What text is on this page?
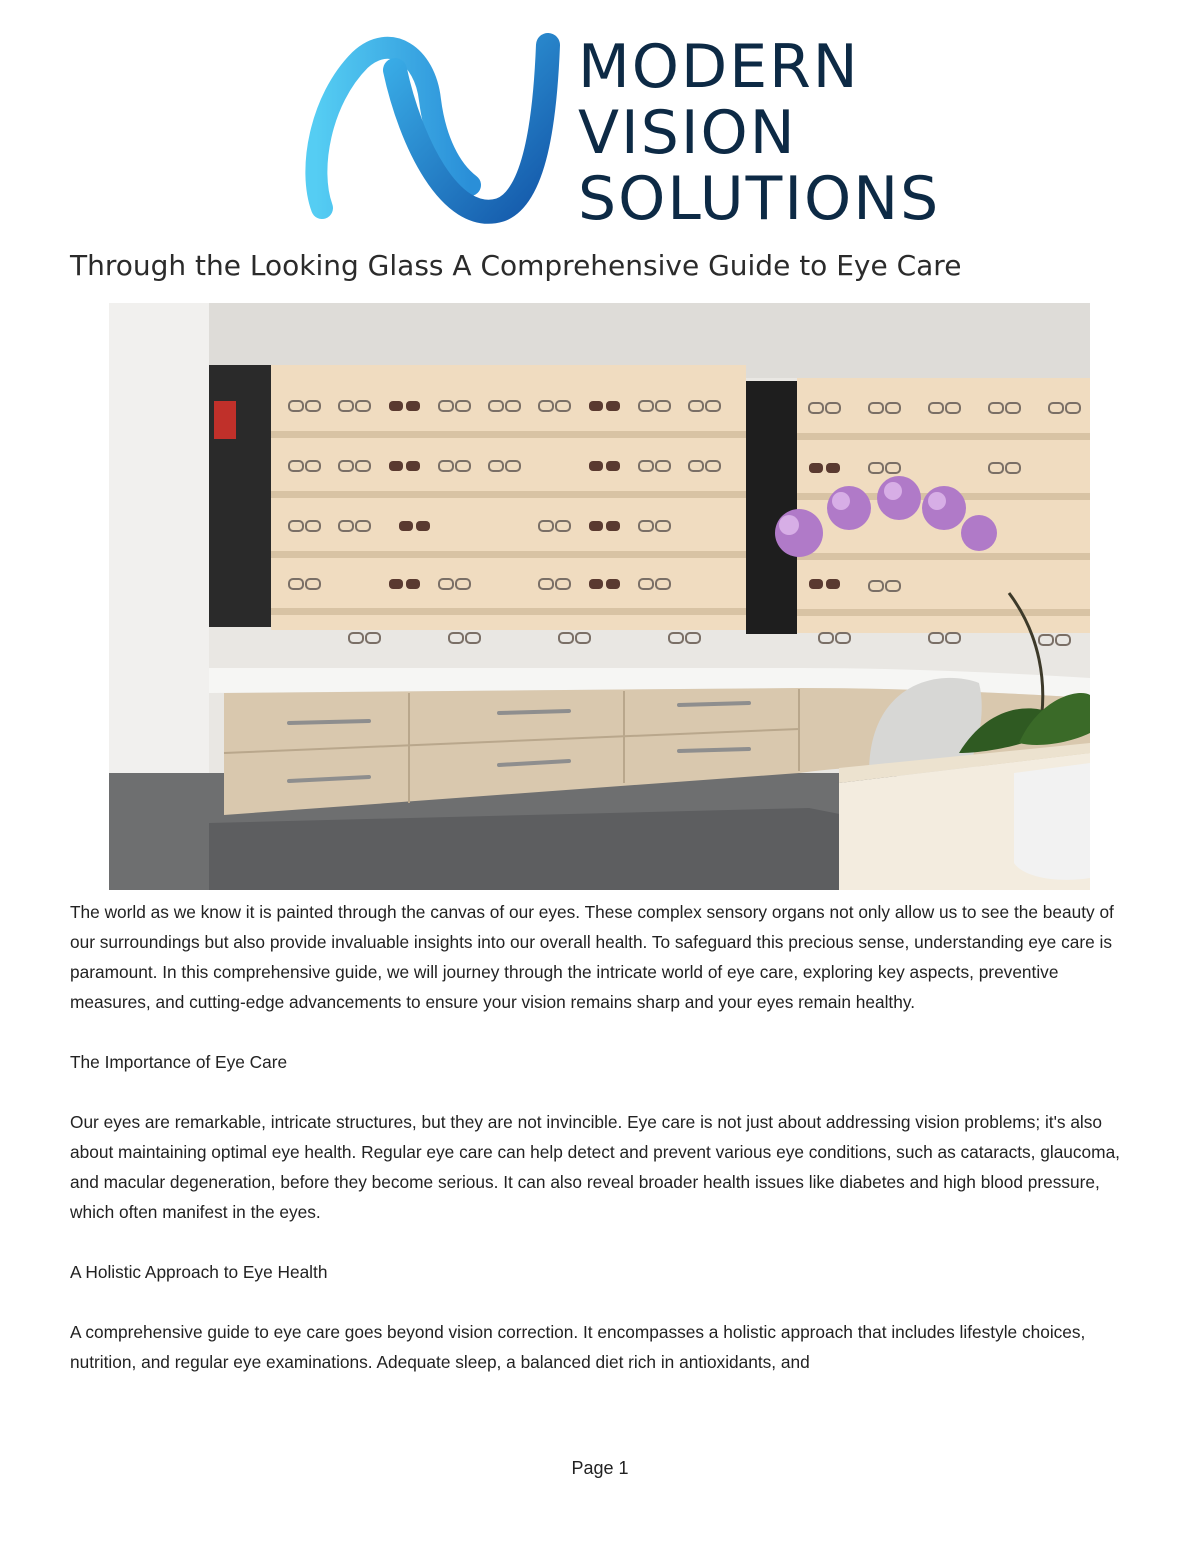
MODERN
VISION
SOLUTIONS
Through the Looking Glass A Comprehensive Guide to Eye Care

The world as we know it is painted through the canvas of our eyes. These complex sensory organs not only allow us to see the beauty of our surroundings but also provide invaluable insights into our overall health. To safeguard this precious sense, understanding eye care is paramount. In this comprehensive guide, we will journey through the intricate world of eye care, exploring key aspects, preventive measures, and cutting-edge advancements to ensure your vision remains sharp and your eyes remain healthy.

The Importance of Eye Care

Our eyes are remarkable, intricate structures, but they are not invincible. Eye care is not just about addressing vision problems; it's also about maintaining optimal eye health. Regular eye care can help detect and prevent various eye conditions, such as cataracts, glaucoma, and macular degeneration, before they become serious. It can also reveal broader health issues like diabetes and high blood pressure, which often manifest in the eyes.

A Holistic Approach to Eye Health

A comprehensive guide to eye care goes beyond vision correction. It encompasses a holistic approach that includes lifestyle choices, nutrition, and regular eye examinations. Adequate sleep, a balanced diet rich in antioxidants, and

Page 1
